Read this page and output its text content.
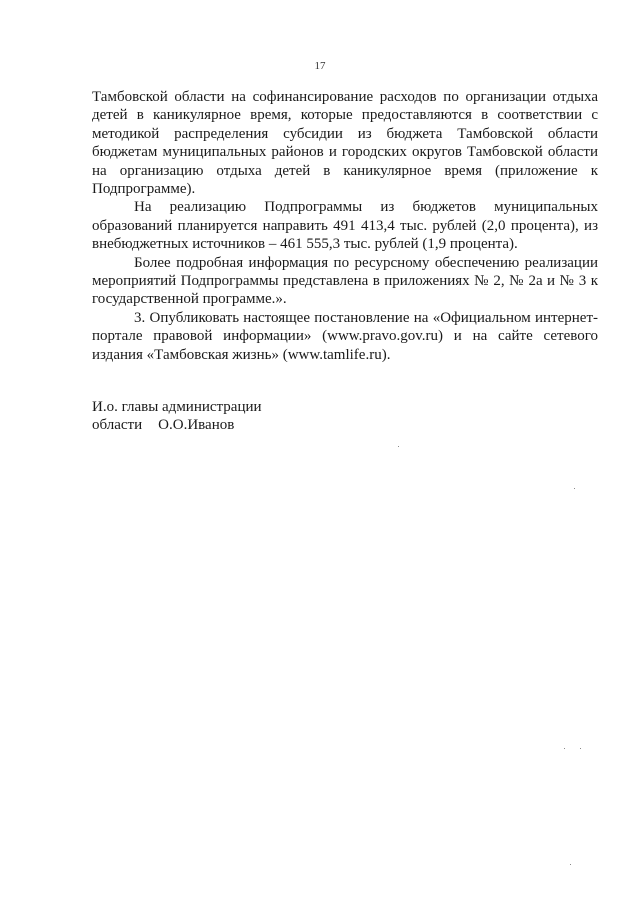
17

Тамбовской области на софинансирование расходов по организации отдыха детей в каникулярное время, которые предоставляются в соответствии с методикой распределения субсидии из бюджета Тамбовской области бюджетам муниципальных районов и городских округов Тамбовской области на организацию отдыха детей в каникулярное время (приложение к Подпрограмме).

На реализацию Подпрограммы из бюджетов муниципальных образований планируется направить 491 413,4 тыс. рублей (2,0 процента), из внебюджетных источников – 461 555,3 тыс. рублей (1,9 процента).

Более подробная информация по ресурсному обеспечению реализации мероприятий Подпрограммы представлена в приложениях № 2, № 2а и № 3 к государственной программе.».

3. Опубликовать настоящее постановление на «Официальном интернет-портале правовой информации» (www.pravo.gov.ru) и на сайте сетевого издания «Тамбовская жизнь» (www.tamlife.ru).

И.о. главы администрации
области О.О.Иванов
